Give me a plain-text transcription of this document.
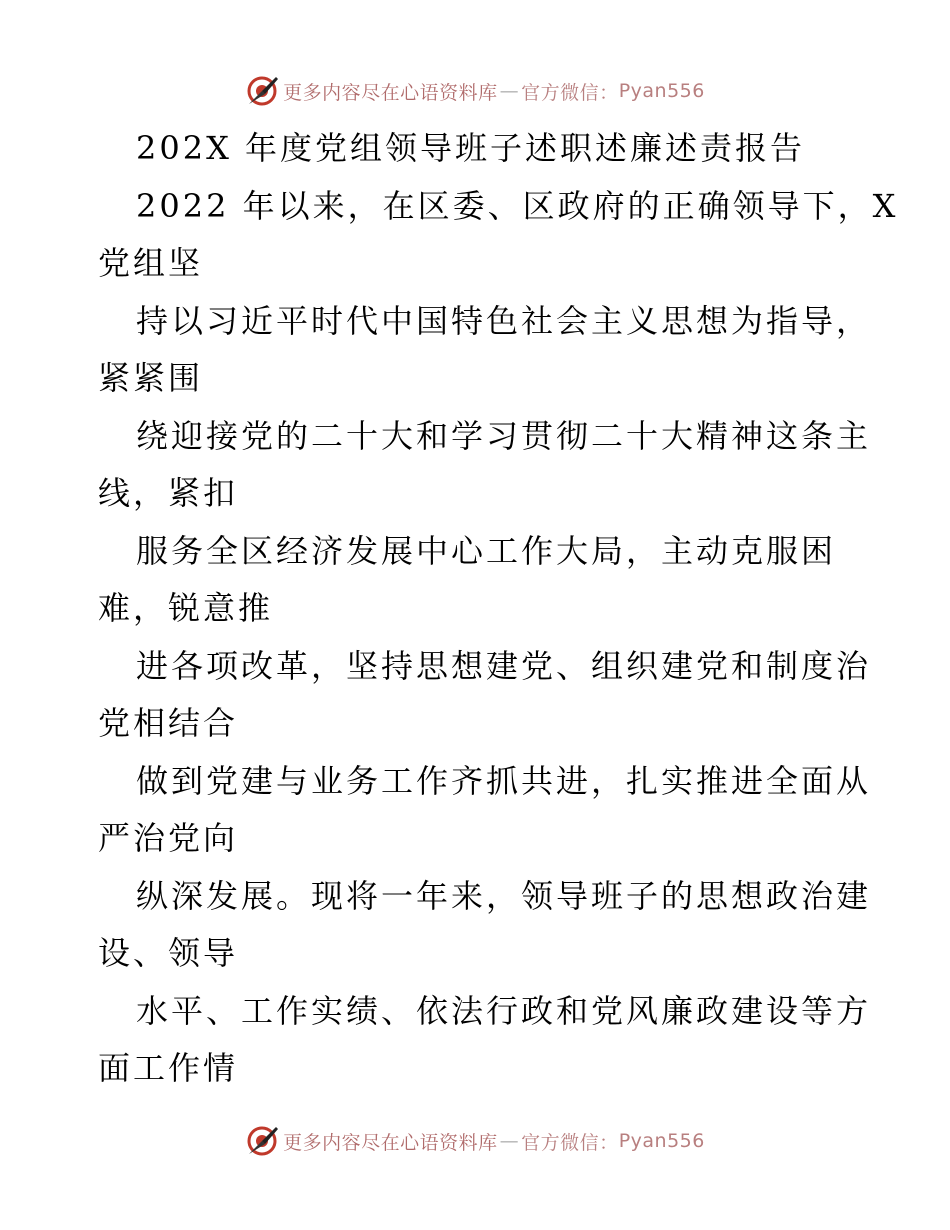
更多内容尽在心语资料库 — 官方微信： Pyan556
202X 年度党组领导班子述职述廉述责报告
2022 年以来，在区委、区政府的正确领导下，X
党组坚
持以习近平时代中国特色社会主义思想为指导，
紧紧围
绕迎接党的二十大和学习贯彻二十大精神这条主
线，紧扣
服务全区经济发展中心工作大局，主动克服困
难，锐意推
进各项改革，坚持思想建党、组织建党和制度治
党相结合
做到党建与业务工作齐抓共进，扎实推进全面从
严治党向
纵深发展。现将一年来，领导班子的思想政治建
设、领导
水平、工作实绩、依法行政和党风廉政建设等方
面工作情
更多内容尽在心语资料库 — 官方微信： Pyan556
